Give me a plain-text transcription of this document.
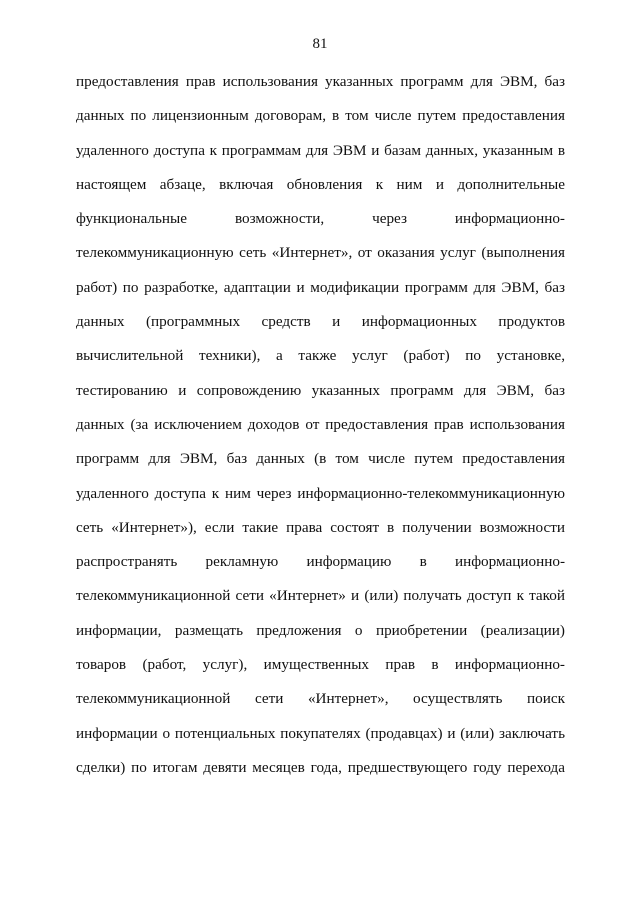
81
предоставления прав использования указанных программ для ЭВМ, баз
данных по лицензионным договорам, в том числе путем предоставления
удаленного доступа к программам для ЭВМ и базам данных, указанным в
настоящем абзаце, включая обновления к ним и дополнительные
функциональные возможности, через информационно-
телекоммуникационную сеть «Интернет», от оказания услуг (выполнения
работ) по разработке, адаптации и модификации программ для ЭВМ, баз
данных (программных средств и информационных продуктов
вычислительной техники), а также услуг (работ) по установке,
тестированию и сопровождению указанных программ для ЭВМ, баз
данных (за исключением доходов от предоставления прав использования
программ для ЭВМ, баз данных (в том числе путем предоставления
удаленного доступа к ним через информационно-телекоммуникационную
сеть «Интернет»), если такие права состоят в получении возможности
распространять рекламную информацию в информационно-
телекоммуникационной сети «Интернет» и (или) получать доступ к такой
информации, размещать предложения о приобретении (реализации)
товаров (работ, услуг), имущественных прав в информационно-
телекоммуникационной сети «Интернет», осуществлять поиск
информации о потенциальных покупателях (продавцах) и (или) заключать
сделки) по итогам девяти месяцев года, предшествующего году перехода
